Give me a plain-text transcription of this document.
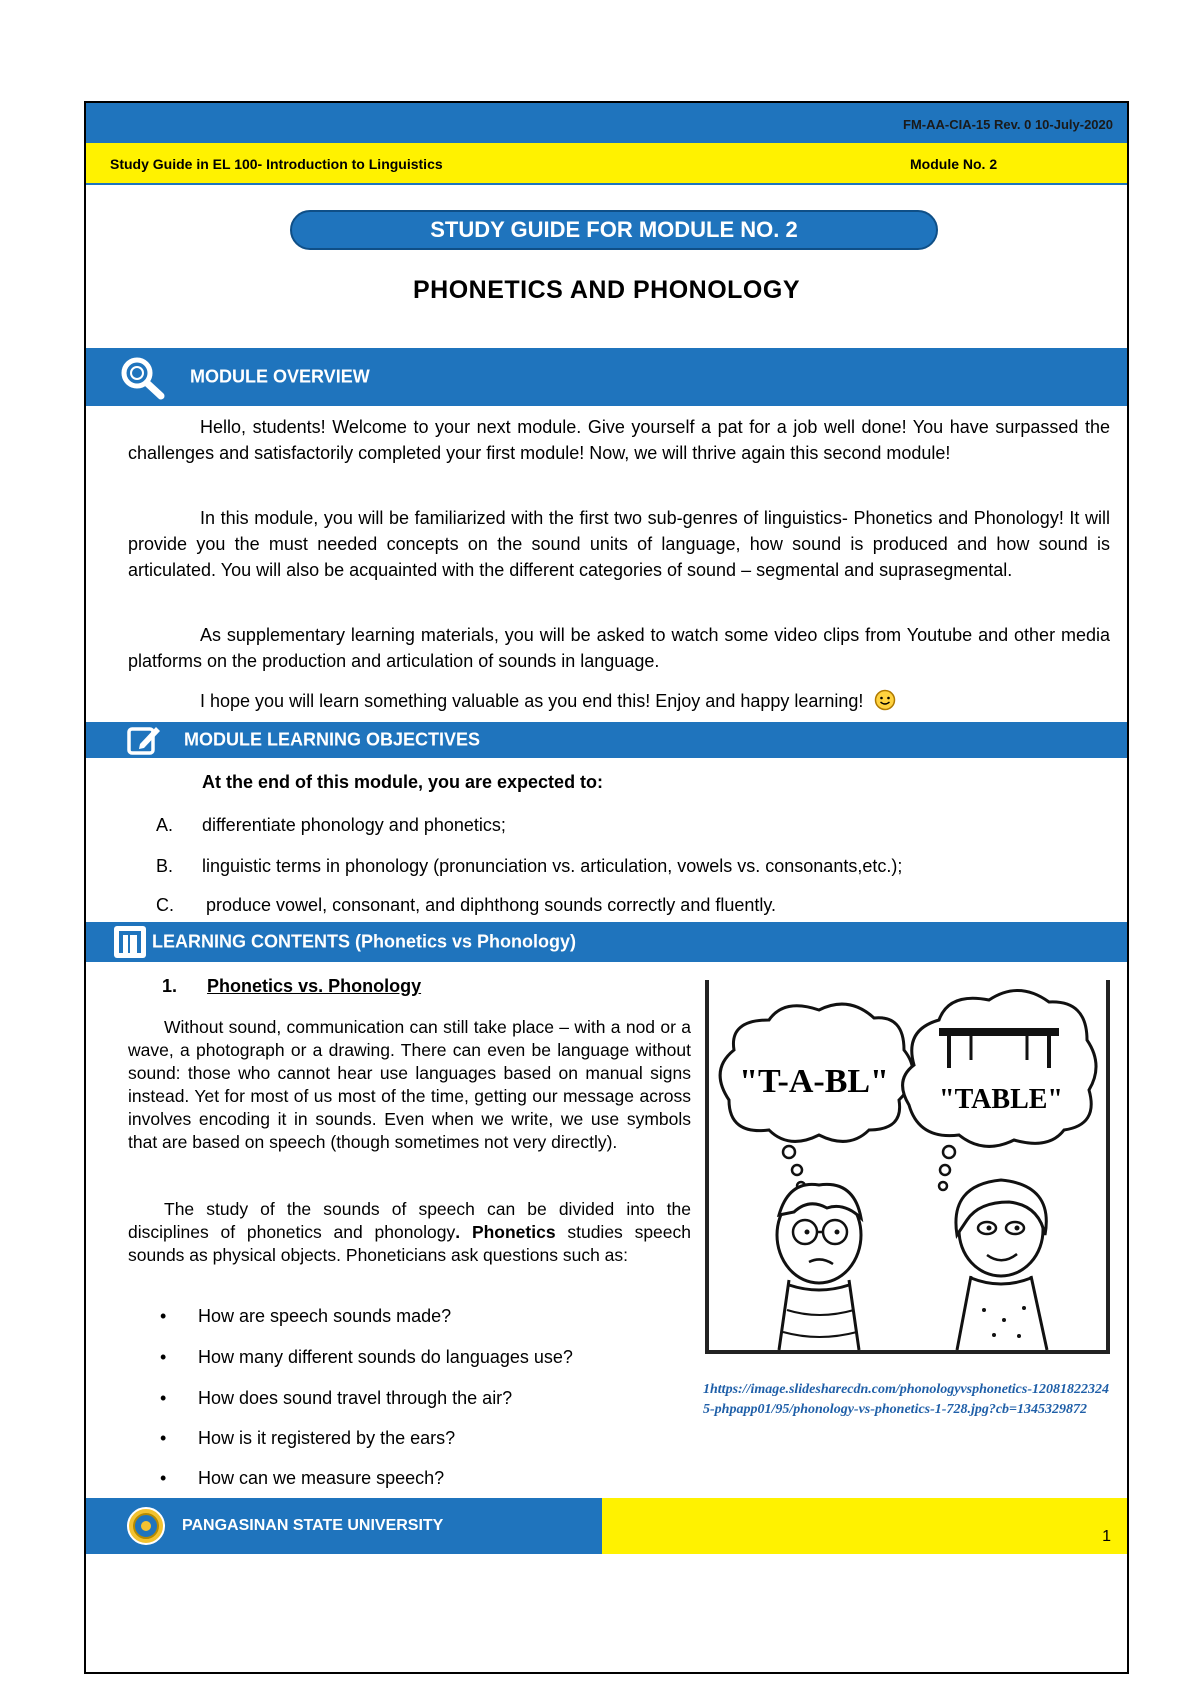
FM-AA-CIA-15 Rev. 0 10-July-2020
Study Guide in EL 100- Introduction to Linguistics	Module No. 2
STUDY GUIDE FOR MODULE NO. 2
PHONETICS AND PHONOLOGY
MODULE OVERVIEW
Hello, students! Welcome to your next module. Give yourself a pat for a job well done! You have surpassed the challenges and satisfactorily completed your first module! Now, we will thrive again this second module!
In this module, you will be familiarized with the first two sub-genres of linguistics- Phonetics and Phonology! It will provide you the must needed concepts on the sound units of language, how sound is produced and how sound is articulated. You will also be acquainted with the different categories of sound – segmental and suprasegmental.
As supplementary learning materials, you will be asked to watch some video clips from Youtube and other media platforms on the production and articulation of sounds in language.
I hope you will learn something valuable as you end this! Enjoy and happy learning!
MODULE LEARNING OBJECTIVES
At the end of this module, you are expected to:
A. differentiate phonology and phonetics;
B. linguistic terms in phonology (pronunciation vs. articulation, vowels vs. consonants,etc.);
C. produce vowel, consonant, and diphthong sounds correctly and fluently.
LEARNING CONTENTS (Phonetics vs Phonology)
1. Phonetics vs. Phonology
Without sound, communication can still take place – with a nod or a wave, a photograph or a drawing. There can even be language without sound: those who cannot hear use languages based on manual signs instead. Yet for most of us most of the time, getting our message across involves encoding it in sounds. Even when we write, we use symbols that are based on speech (though sometimes not very directly).
The study of the sounds of speech can be divided into the disciplines of phonetics and phonology. Phonetics studies speech sounds as physical objects. Phoneticians ask questions such as:
• How are speech sounds made?
• How many different sounds do languages use?
• How does sound travel through the air?
• How is it registered by the ears?
• How can we measure speech?
"T-A-BL" "TABLE"
1https://image.slidesharecdn.com/phonologyvsphonetics-120818223245-phpapp01/95/phonology-vs-phonetics-1-728.jpg?cb=1345329872
PANGASINAN STATE UNIVERSITY
1
